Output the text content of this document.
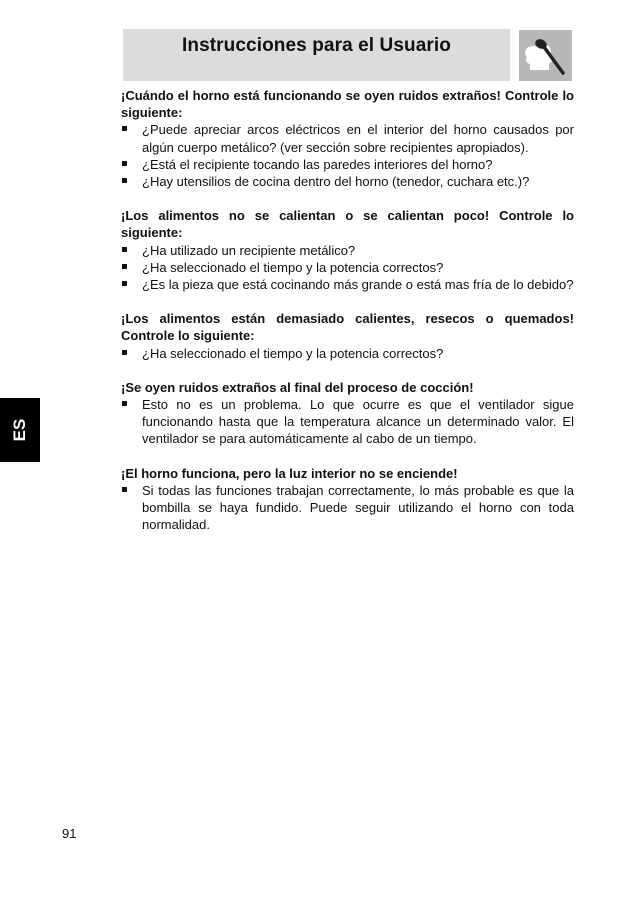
Instrucciones para el Usuario
ES

¡Cuándo el horno está funcionando se oyen ruidos extraños! Controle lo siguiente:

¿Puede apreciar arcos eléctricos en el interior del horno causados por algún cuerpo metálico? (ver sección sobre recipientes apropiados).
¿Está el recipiente tocando las paredes interiores del horno?
¿Hay utensilios de cocina dentro del horno (tenedor, cuchara etc.)?

¡Los alimentos no se calientan o se calientan poco! Controle lo siguiente:

¿Ha utilizado un recipiente metálico?
¿Ha seleccionado el tiempo y la potencia correctos?
¿Es la pieza que está cocinando más grande o está mas fría de lo debido?

¡Los alimentos están demasiado calientes, resecos o quemados! Controle lo siguiente:

¿Ha seleccionado el tiempo y la potencia correctos?

¡Se oyen ruidos extraños al final del proceso de cocción!

Esto no es un problema. Lo que ocurre es que el ventilador sigue funcionando hasta que la temperatura alcance un determinado valor. El ventilador se para automáticamente al cabo de un tiempo.

¡El horno funciona, pero la luz interior no se enciende!

Si todas las funciones trabajan correctamente, lo más probable es que la bombilla se haya fundido. Puede seguir utilizando el horno con toda normalidad.
91
